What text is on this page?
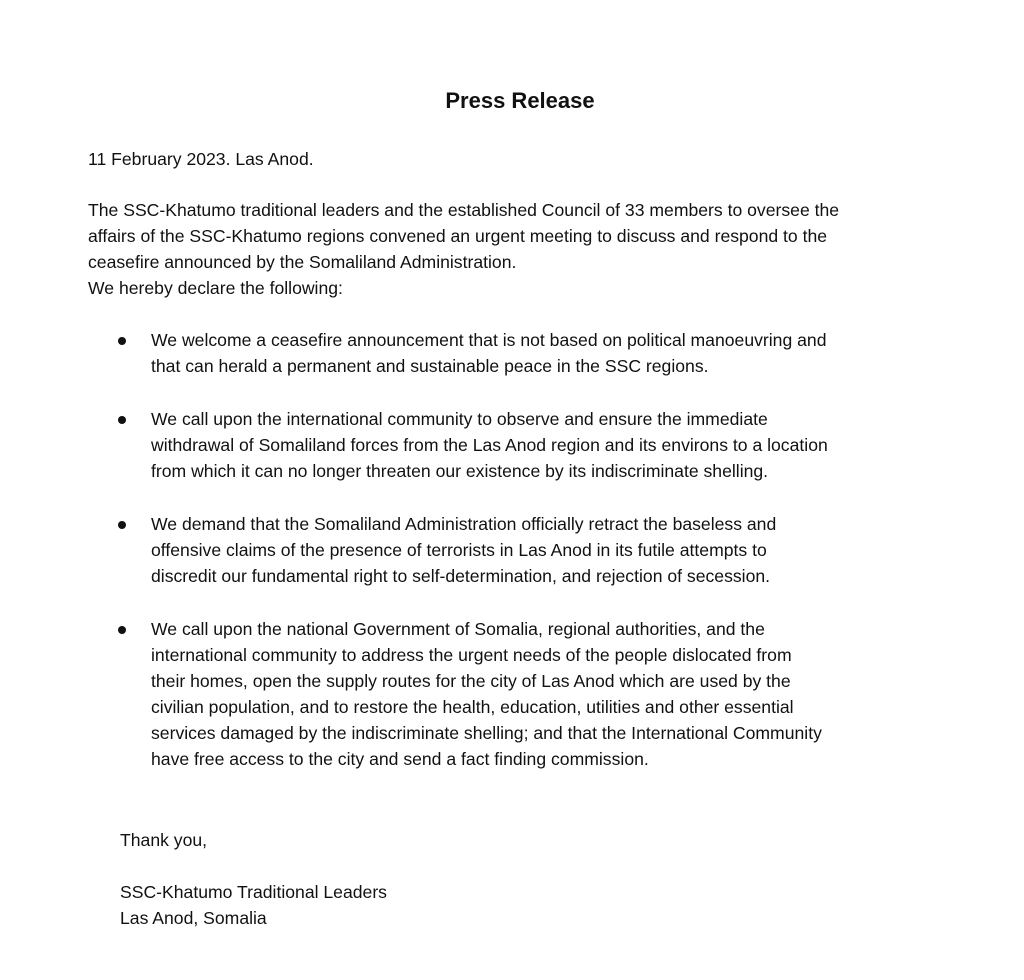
Press Release
11 February 2023. Las Anod.
The SSC-Khatumo traditional leaders and the established Council of 33 members to oversee the
affairs of the SSC-Khatumo regions convened an urgent meeting to discuss and respond to the
ceasefire announced by the Somaliland Administration.
We hereby declare the following:
We welcome a ceasefire announcement that is not based on political manoeuvring and
that can herald a permanent and sustainable peace in the SSC regions.
We call upon the international community to observe and ensure the immediate
withdrawal of Somaliland forces from the Las Anod region and its environs to a location
from which it can no longer threaten our existence by its indiscriminate shelling.
We demand that the Somaliland Administration officially retract the baseless and
offensive claims of the presence of terrorists in Las Anod in its futile attempts to
discredit our fundamental right to self-determination, and rejection of secession.
We call upon the national Government of Somalia, regional authorities, and the
international community to address the urgent needs of the people dislocated from
their homes, open the supply routes for the city of Las Anod which are used by the
civilian population, and to restore the health, education, utilities and other essential
services damaged by the indiscriminate shelling; and that the International Community
have free access to the city and send a fact finding commission.
Thank you,
SSC-Khatumo Traditional Leaders
Las Anod, Somalia
